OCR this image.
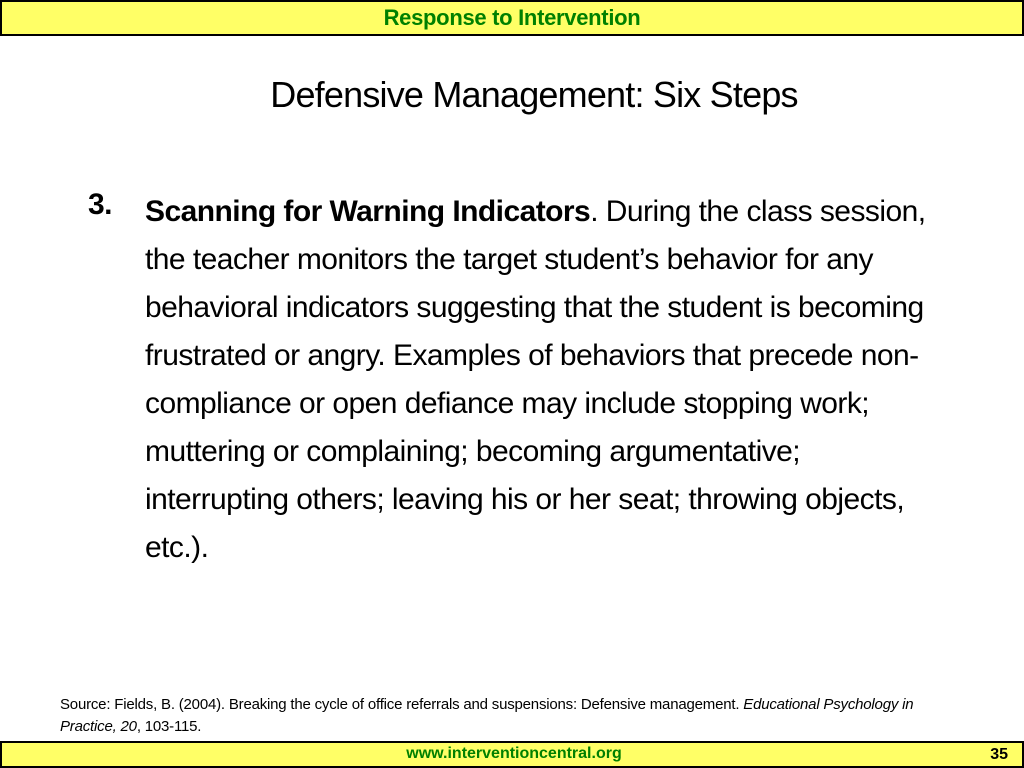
Response to Intervention
Defensive Management: Six Steps
3. Scanning for Warning Indicators. During the class session, the teacher monitors the target student’s behavior for any behavioral indicators suggesting that the student is becoming frustrated or angry. Examples of behaviors that precede non-compliance or open defiance may include stopping work; muttering or complaining; becoming argumentative; interrupting others; leaving his or her seat; throwing objects, etc.).
Source: Fields, B. (2004). Breaking the cycle of office referrals and suspensions: Defensive management. Educational Psychology in Practice, 20, 103-115.
www.interventioncentral.org	35
